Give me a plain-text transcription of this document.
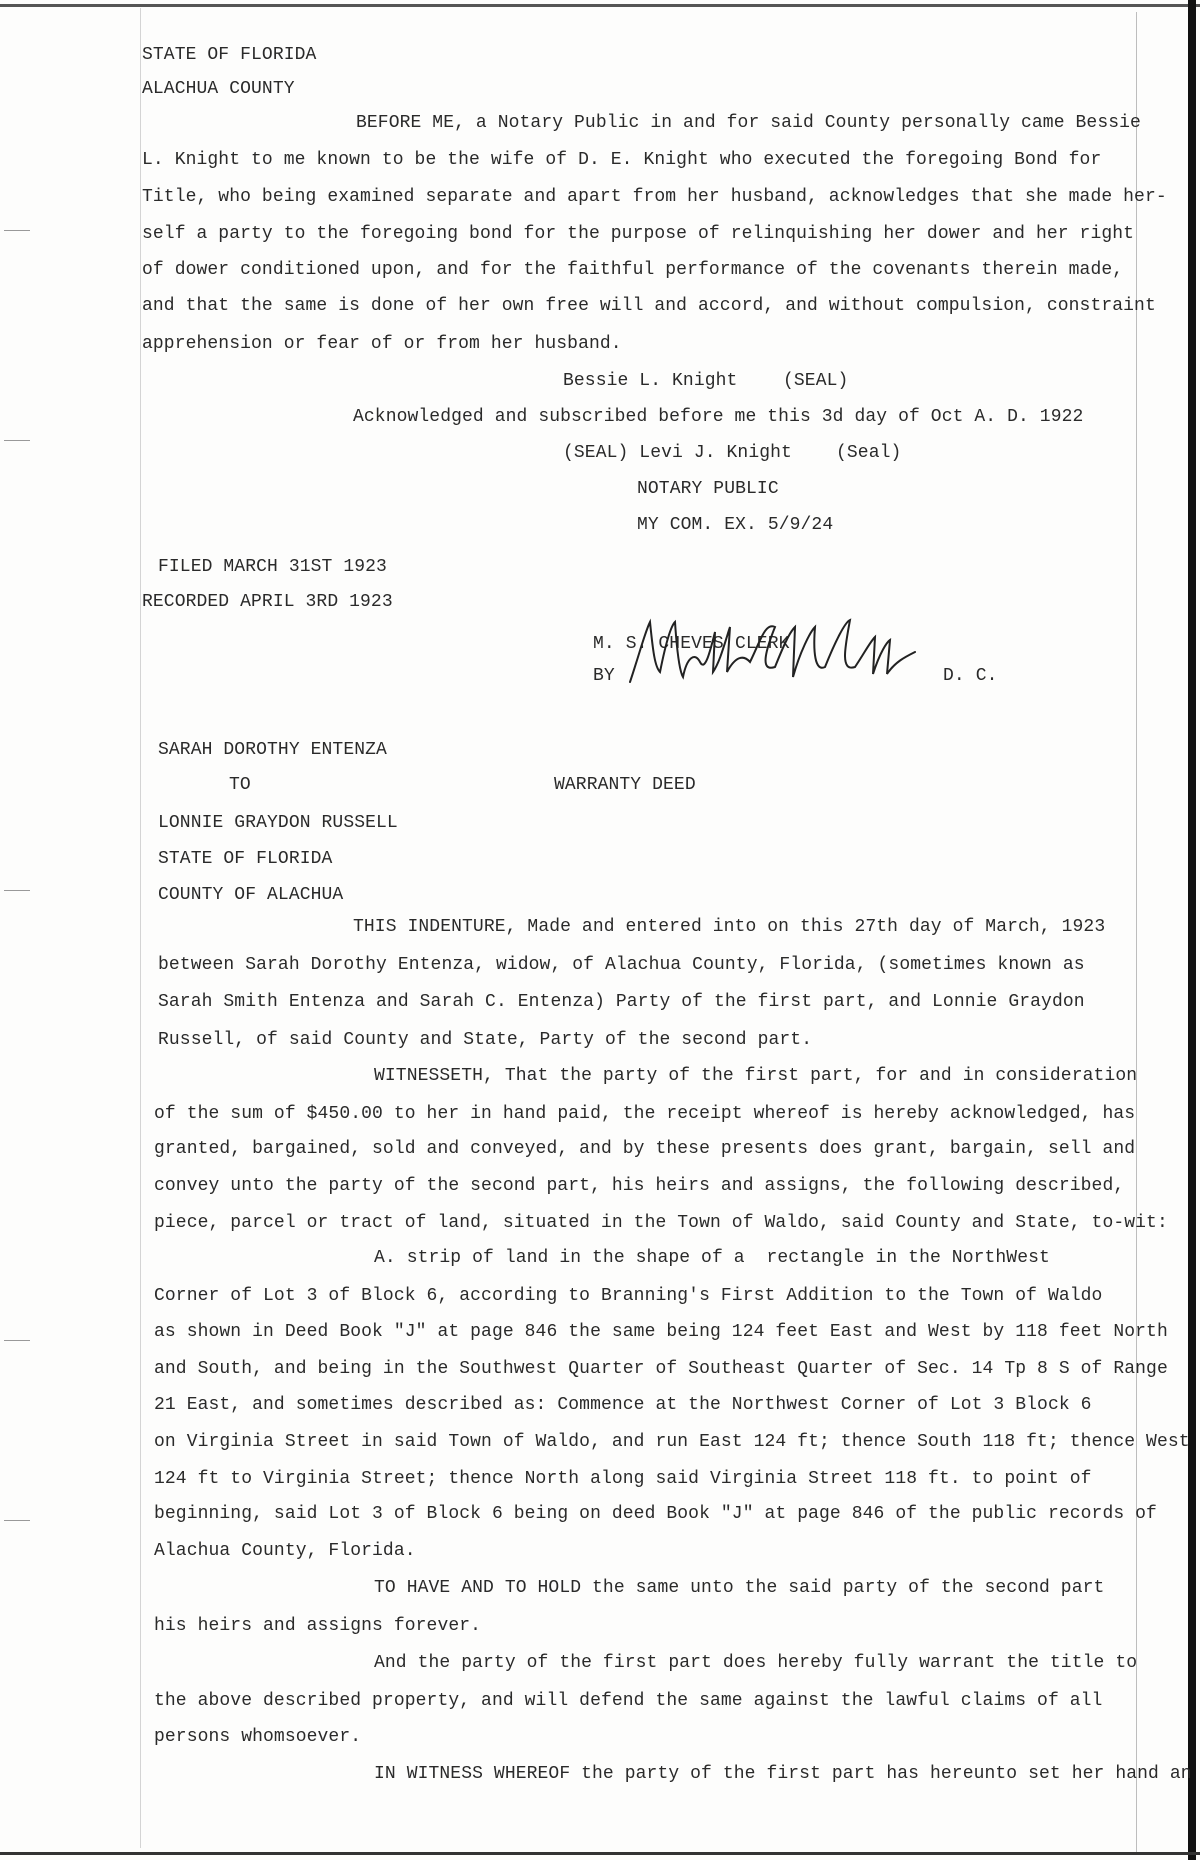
STATE OF FLORIDA
ALACHUA COUNTY
BEFORE ME, a Notary Public in and for said County personally came Bessie
L. Knight to me known to be the wife of D. E. Knight who executed the foregoing Bond for
Title, who being examined separate and apart from her husband, acknowledges that she made her-
self a party to the foregoing bond for the purpose of relinquishing her dower and her right
of dower conditioned upon, and for the faithful performance of the covenants therein made,
and that the same is done of her own free will and accord, and without compulsion, constraint
apprehension or fear of or from her husband.
Bessie L. Knight	(SEAL)
Acknowledged and subscribed before me this 3d day of Oct A. D. 1922
(SEAL) Levi J. Knight (Seal)
NOTARY PUBLIC
MY COM. EX. 5/9/24
FILED MARCH 31ST 1923
RECORDED APRIL 3RD 1923
M. S. CHEVES CLERK
BY	D. C.
SARAH DOROTHY ENTENZA
TO	WARRANTY DEED
LONNIE GRAYDON RUSSELL
STATE OF FLORIDA
COUNTY OF ALACHUA
THIS INDENTURE, Made and entered into on this 27th day of March, 1923
between Sarah Dorothy Entenza, widow, of Alachua County, Florida, (sometimes known as
Sarah Smith Entenza and Sarah C. Entenza) Party of the first part, and Lonnie Graydon
Russell, of said County and State, Party of the second part.
WITNESSETH, That the party of the first part, for and in consideration
of the sum of $450.00 to her in hand paid, the receipt whereof is hereby acknowledged, has
granted, bargained, sold and conveyed, and by these presents does grant, bargain, sell and
convey unto the party of the second part, his heirs and assigns, the following described,
piece, parcel or tract of land, situated in the Town of Waldo, said County and State, to-wit:
A. strip of land in the shape of a  rectangle in the NorthWest
Corner of Lot 3 of Block 6, according to Branning's First Addition to the Town of Waldo
as shown in Deed Book "J" at page 846 the same being 124 feet East and West by 118 feet North
and South, and being in the Southwest Quarter of Southeast Quarter of Sec. 14 Tp 8 S of Range
21 East, and sometimes described as: Commence at the Northwest Corner of Lot 3 Block 6
on Virginia Street in said Town of Waldo, and run East 124 ft; thence South 118 ft; thence West
124 ft to Virginia Street; thence North along said Virginia Street 118 ft. to point of
beginning, said Lot 3 of Block 6 being on deed Book "J" at page 846 of the public records of
Alachua County, Florida.
TO HAVE AND TO HOLD the same unto the said party of the second part
his heirs and assigns forever.
And the party of the first part does hereby fully warrant the title to
the above described property, and will defend the same against the lawful claims of all
persons whomsoever.
IN WITNESS WHEREOF the party of the first part has hereunto set her hand an
